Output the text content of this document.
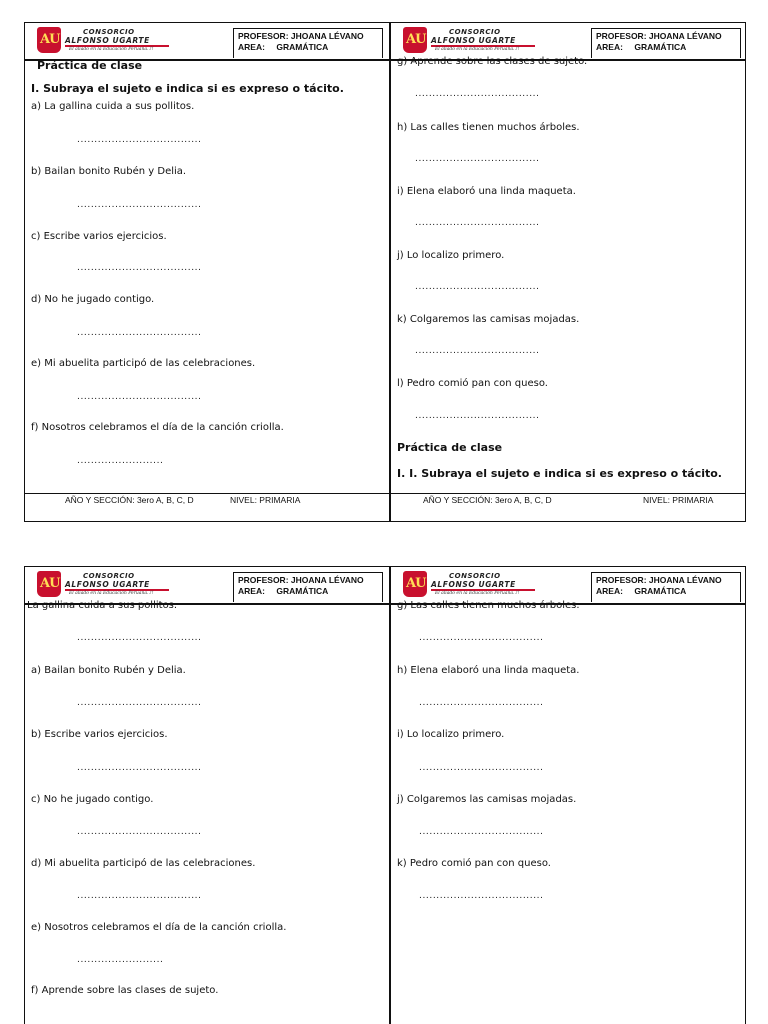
AU	CONSORCIO
ALFONSO UGARTE
El aliado en la Educación Peruana..!!
PROFESOR: JHOANA LÉVANO
AREA: GRAMÁTICA	AU	CONSORCIO
ALFONSO UGARTE
El aliado en la Educación Peruana..!!
PROFESOR: JHOANA LÉVANO
AREA: GRAMÁTICA
Práctica de clase
I. Subraya el sujeto e indica si es expreso o tácito.
a) La gallina cuida a sus pollitos.
....................................
b) Bailan bonito Rubén y Delia.
....................................
c) Escribe varios ejercicios.
....................................
d) No he jugado contigo.
....................................
e) Mi abuelita participó de las celebraciones.
....................................
f) Nosotros celebramos el día de la canción criolla.
.........................
g) Aprende sobre las clases de sujeto.
....................................
h) Las calles tienen muchos árboles.
....................................
i) Elena elaboró una linda maqueta.
....................................
j) Lo localizo primero.
....................................
k) Colgaremos las camisas mojadas.
....................................
l) Pedro comió pan con queso.
....................................
Práctica de clase
I. I. Subraya el sujeto e indica si es expreso o tácito.
AÑO Y SECCIÓN: 3ero A, B, C, D	NIVEL: PRIMARIA	AÑO Y SECCIÓN: 3ero A, B, C, D	NIVEL: PRIMARIA
AU	CONSORCIO
ALFONSO UGARTE
El aliado en la Educación Peruana..!!
PROFESOR: JHOANA LÉVANO
AREA: GRAMÁTICA	AU	CONSORCIO
ALFONSO UGARTE
El aliado en la Educación Peruana..!!
PROFESOR: JHOANA LÉVANO
AREA: GRAMÁTICA
La gallina cuida a sus pollitos.
....................................
a) Bailan bonito Rubén y Delia.
....................................
b) Escribe varios ejercicios.
....................................
c) No he jugado contigo.
....................................
d) Mi abuelita participó de las celebraciones.
....................................
e) Nosotros celebramos el día de la canción criolla.
.........................
f) Aprende sobre las clases de sujeto.
g) Las calles tienen muchos árboles.
....................................
h) Elena elaboró una linda maqueta.
....................................
i) Lo localizo primero.
....................................
j) Colgaremos las camisas mojadas.
....................................
k) Pedro comió pan con queso.
....................................
